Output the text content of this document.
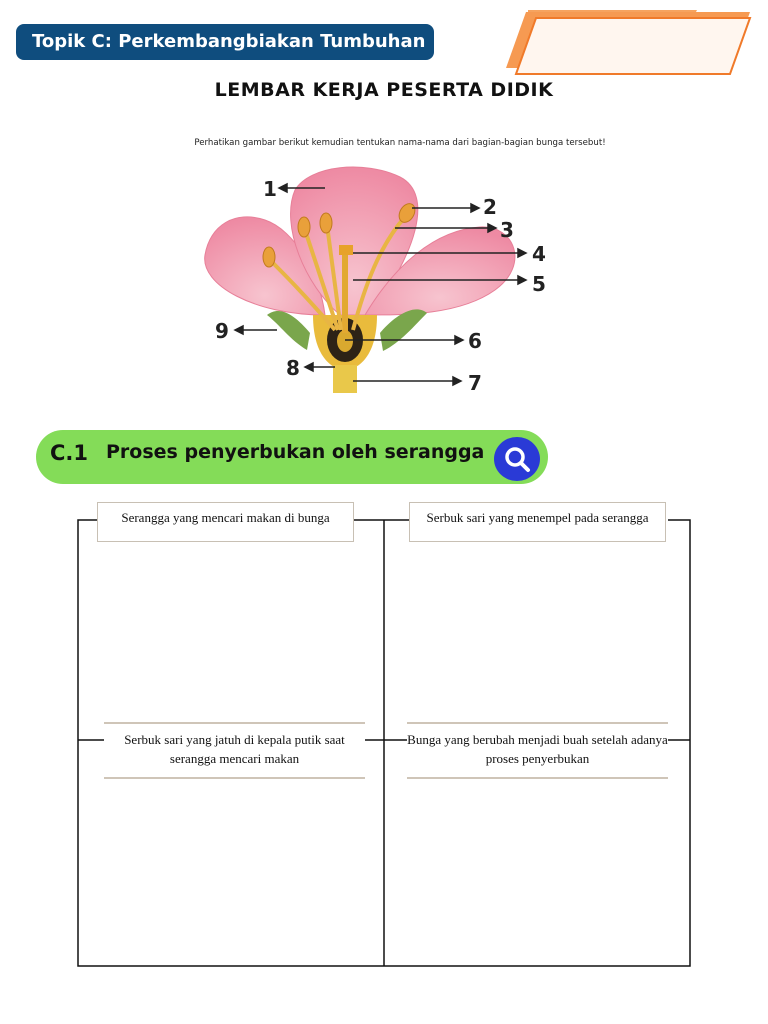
Topik C: Perkembangbiakan Tumbuhan
LEMBAR KERJA PESERTA DIDIK
Perhatikan gambar berikut kemudian tentukan nama-nama dari bagian-bagian bunga tersebut!
1
2
3
4
5
6
7
8
9
C.1 Proses penyerbukan oleh serangga
Serangga yang mencari makan di bunga	Serbuk sari yang menempel pada serangga
Serbuk sari yang jatuh di kepala putik saat serangga mencari makan
Bunga yang berubah menjadi buah setelah adanya proses penyerbukan
